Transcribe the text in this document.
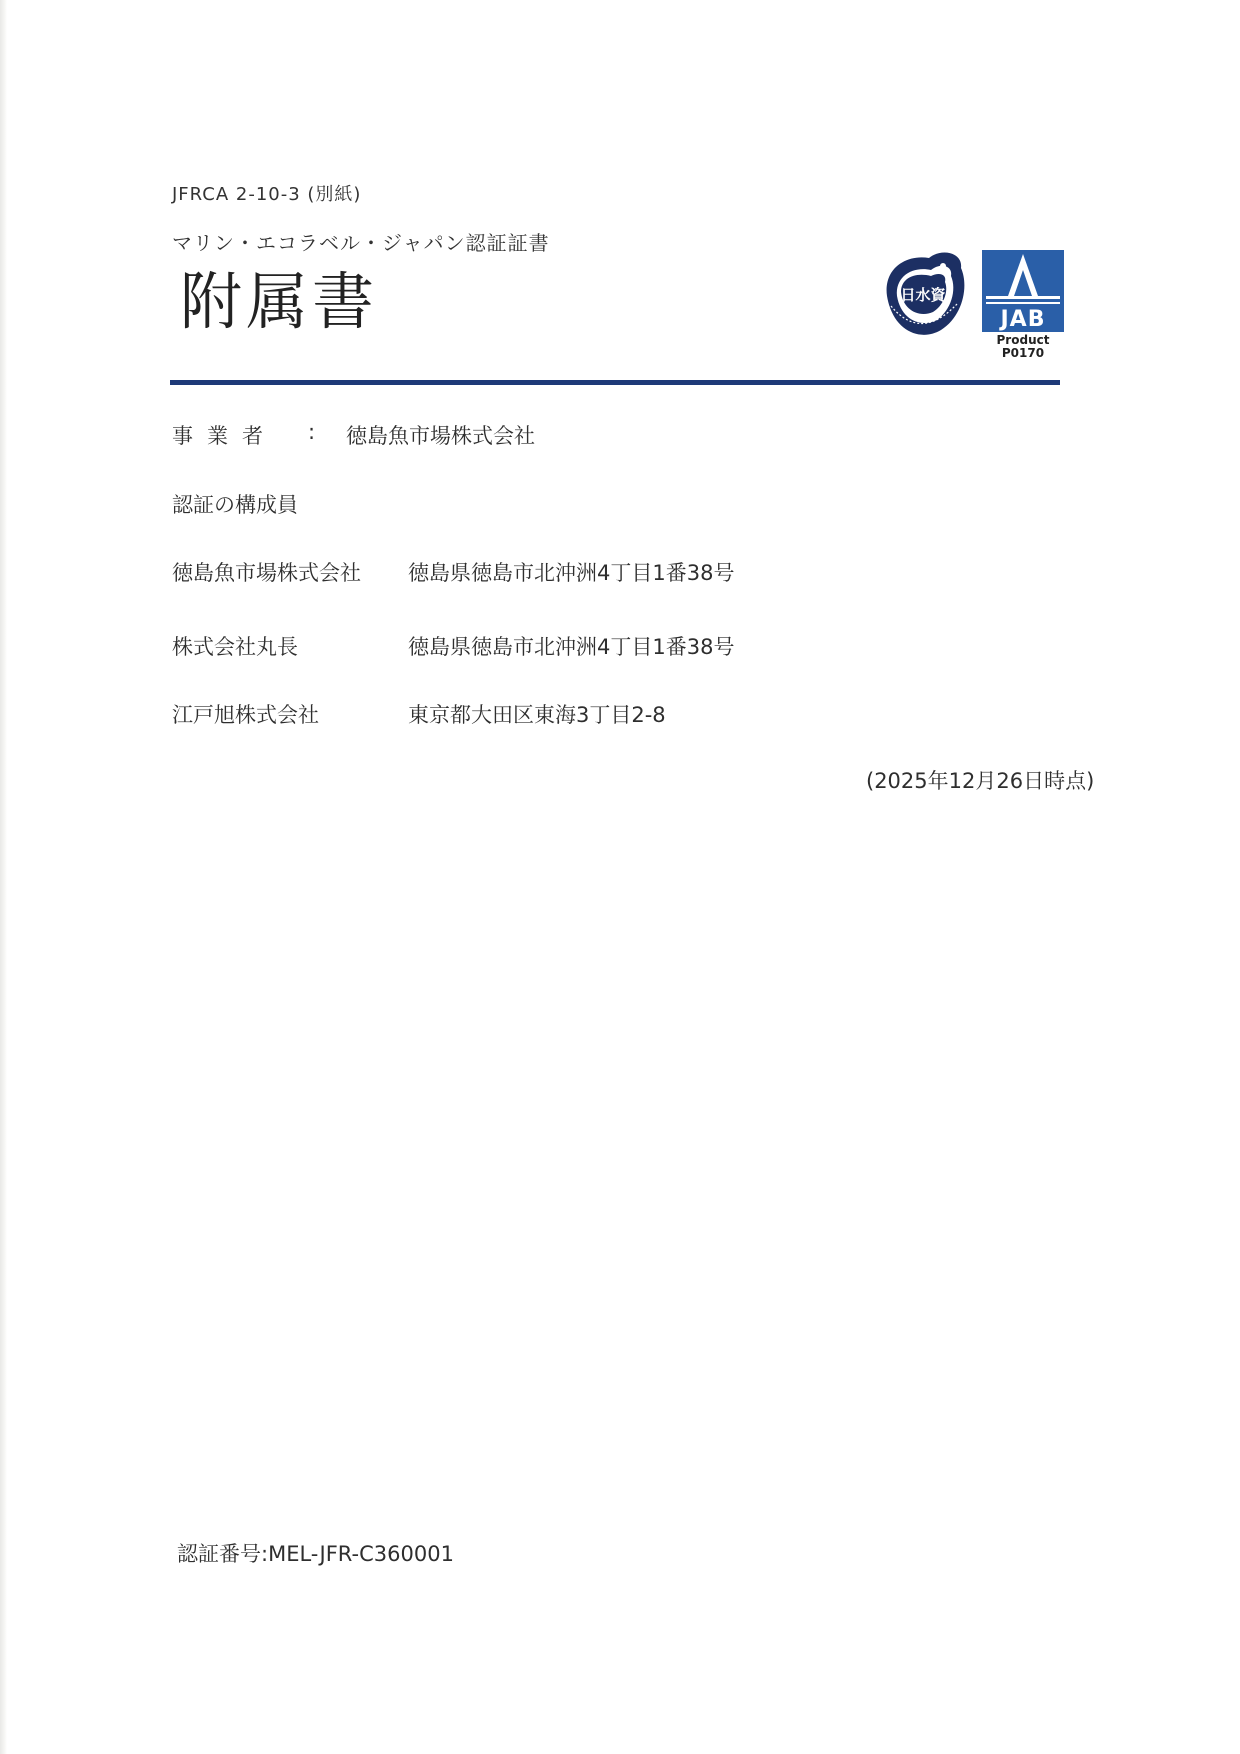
JFRCA 2-10-3 (別紙)
マリン・エコラベル・ジャパン認証証書
附属書	日水資
JAB
Product
P0170
事業者 : 徳島魚市場株式会社
認証の構成員
徳島魚市場株式会社 徳島県徳島市北沖洲4丁目1番38号
株式会社丸長	徳島県徳島市北沖洲4丁目1番38号
江戸旭株式会社	東京都大田区東海3丁目2-8
(2025年12月26日時点)
認証番号:MEL-JFR-C360001
